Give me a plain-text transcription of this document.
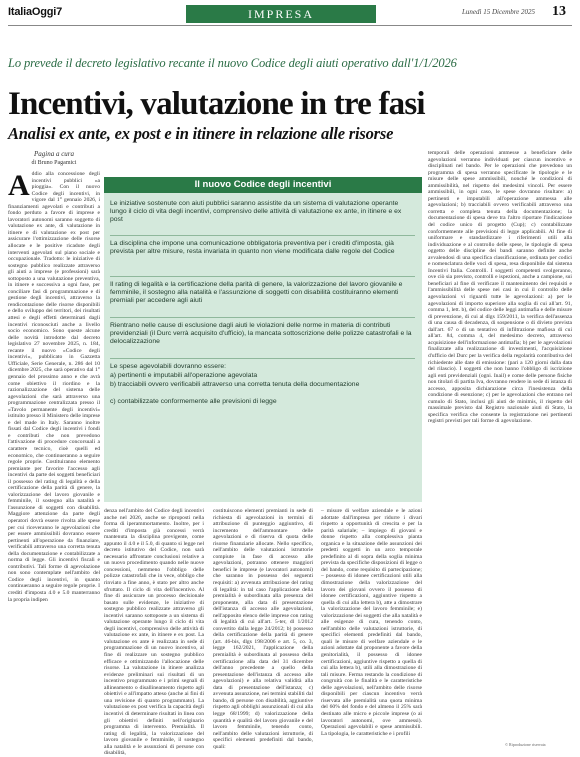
ItaliaOggi7	IMPRESA	Lunedì 15 Dicembre 2025 13
Lo prevede il decreto legislativo recante il nuovo Codice degli aiuti operativo dall'1/1/2026
Incentivi, valutazione in tre fasi
Analisi ex ante, ex post e in itinere in relazione alle risorse
Pagina a cura
di Bruno Pagamici
A ddio alla concessione degli incentivi pubblici «a pioggia». Con il nuovo Codice degli incentivi, in vigore dal 1° gennaio 2026, i finanziamenti agevolati e contributi a fondo perduto a favore di imprese e lavoratori autonomi saranno soggetto di valutazione ex ante, di valutazione in itinere e di valutazione ex post per assicurare l'ottimizzazione delle risorse allocate e le positive ricadute degli interventi agevolati sul piano sociale e occupazionale. Tradotto: le iniziative di sostegno pubblico realizzate attraverso gli aiuti a imprese (e professioni) sarà sottoposto a una valutazione preventiva, in itinere e successiva a ogni fase, per conciliare fasi di programmazione e di gestione degli incentivi, attraverso la rendicontazione delle risorse disponibili e dello sviluppo dei territori, dei risultati attesi e degli effetti determinati dagli incentivi riconosciuti anche a livello socio economico. Sono queste alcune delle novità introdotte dal decreto legislativo 27 novembre 2025, n. 184, recante il nuovo «Codice degli incentivi», pubblicato in Gazzetta Ufficiale, Serie Generale, n. 286 del 10 dicembre 2025, che sarà operativo dal 1° gennaio del prossimo anno e che avrà come obiettivo il riordino e la razionalizzazione del sistema delle agevolazioni che sarà attraverso una programmazione centralizzata presso il «Tavolo permanente degli incentivi» istituito presso il Ministero delle imprese e del made in Italy. Saranno inoltre fissati dal Codice degli incentivi i fondi e contributi che non prevedono l'attivazione di procedure concorsuali a carattere tecnico, cioè quelli ed economico, che continueranno a seguire regole proprie. Costituiranno elemento premiante per favorire l'accesso agli incentivi da parte dei soggetti beneficiari il possesso del rating di legalità e della certificazione della parità di genere, la valorizzazione del lavoro giovanile e femminile, il sostegno alla natalità e l'assunzione di soggetti con disabilità. Maggiore attenzione da parte degli operatori dovrà essere rivolta alle spese per cui riceveranno le agevolazioni che per essere ammissibili dovranno essere pertinenti all'operazione da finanziare, verificabili attraverso una corretta tenuta della documentazione e contabilizzate a norma di legge. Gli incentivi fiscali e contributivi. Tali forme di agevolazione non sono contemplate nell'ambito del Codice degli incentivi, in quanto continueranno a seguire regole proprie. I crediti d'imposta 4.0 e 5.0 manterranno la propria indipen

Il nuovo Codice degli incentivi
Le iniziative sostenute con aiuti pubblici saranno assistite da un sistema di valutazione operante lungo il ciclo di vita degli incentivi, comprensivo delle attività di valutazione ex ante, in itinere e ex post
La disciplina che impone una comunicazione obbligatoria preventiva per i crediti d'imposta, già prevista per altre misure, resta invariata in quanto non viene modificata dalle regole del Codice
Il rating di legalità e la certificazione della parità di genere, la valorizzazione del lavoro giovanile e femminile, il sostegno alla natalità e l'assunzione di soggetti con disabilità costituiranno elementi premiali per accedere agli aiuti
Rientrano nelle cause di esclusione dagli aiuti le violazioni delle norme in materia di contributi previdenziali (il Durc verrà acquisito d'ufficio), la mancata sottoscrizione delle polizze catastrofali e la delocalizzazione
Le spese agevolabili dovranno essere:
a) pertinenti e imputabili all'operazione agevolata
b) tracciabili ovvero verificabili attraverso una corretta tenuta della documentazione
c) contabilizzate conformemente alle previsioni di legge

denza nell'ambito del Codice degli incentivi anche nel 2026, anche se riproposti nella forma di iperammortamento. Inoltre, per i crediti d'imposta già concessi verrà mantenuta la disciplina previgente, come appunto il 4.0 e il 5.0, di quanto si legge nel decreto istitutivo del Codice, non sarà necessario affrontare conclusioni relative a un nuovo procedimento quando nelle nuove concessioni, nemmeno l'obbligo delle polizze catastrofali che in vece, obbligo che rinviato a fine anno, è stato per altro anche sfruttato. Il ciclo di vita dell'incentivo. Al fine di assicurare un processo decisionale basato sulle evidenze, le iniziative di sostegno pubblico realizzate attraverso gli incentivi saranno sottoposte a un sistema di valutazione operante lungo il ciclo di vita degli incentivi, comprensivo delle attività di valutazione ex ante, in itinere e ex post. La valutazione ex ante è realizzata in sede di programmazione di un nuovo incentivo, al fine di realizzare un sostegno pubblico efficace e ottimizzando l'allocazione delle risorse. La valutazione in itinere analizza evidenze preliminari sui risultati di un incentivo programmato e i primi segnali di allineamento o disallineamento rispetto agli obiettivi e all'impatto atteso (anche ai fini di una revisione di quanto programmato). La valutazione ex post verifica la capacità degli incentivi di determinare risultati in linea con gli obiettivi definiti nell'originario programma di intervento. Premialità. Il rating di legalità, la valorizzazione del lavoro giovanile e femminile, il sostegno alla natalità e le assunzioni di persone con disabilità,

costituiscono elementi premianti in sede di richiesta di agevolazioni in termini di attribuzione di punteggio aggiuntivo, di incremento dell'ammontare delle agevolazioni e di riserva di quota delle risorse finanziarie allocate. Nello specifico, nell'ambito delle valutazioni istruttorie compiute in fase di accesso alle agevolazioni, potranno ottenere maggiori benefici le imprese (e lavoratori autonomi) che saranno in possesso dei seguenti requisiti: a) avvenuta attribuzione del rating di legalità: in tal caso l'applicazione della premialità è subordinata alla presenza del proponente, alla data di presentazione dell'istanza di accesso alle agevolazioni, nell'apposito elenco delle imprese con rating di legalità di cui all'art. 5-ter, dl 1/2012 convertito dalla legge 24/2012; b) possesso della certificazione della parità di genere (art. 46-bis, dlgs 198/2006 e art. 5, co. 3, legge 162/2021, l'applicazione della premialità è subordinata al possesso della certificazione alla data del 31 dicembre dell'anno precedente a quello della presentazione dell'istanza di accesso alle agevolazioni) e alla relativa validità alla data di presentazione dell'istanza; c) avvenuta assunzione, nei termini stabiliti dal bando, di persone con disabilità, aggiuntive rispetto agli obblighi assunzionali di cui alla legge 68/1999; d) valorizzazione della quantità e qualità del lavoro giovanile e del lavoro femminile, tenendo conto, nell'ambito delle valutazioni istruttorie, di specifici elementi predefiniti dal bando, quali:

– misure di welfare aziendale e le azioni adottate dall'impresa per ridurre i divari rispetto a opportunità di crescita e per la parità salariale; – impiego di giovani e donne rispetto alla complessiva pianta organica e la situazione delle assunzioni dei predetti soggetti in un arco temporale predefinito al di sopra della soglia minima prevista da specifiche disposizioni di legge o del bando, come requisito di partecipazione; – possesso di idonee certificazioni utili alla dimostrazione della valorizzazione del lavoro dei giovani ovvero il possesso di idonee certificazioni, aggiuntive rispetto a quella di cui alla lettera b), atte a dimostrare la valorizzazione del lavoro femminile; e) valorizzazione dei soggetti che alla natalità e alle esigenze di cura, tenendo conto, nell'ambito delle valutazioni istruttorie, di specifici elementi predefiniti dal bando, quali le misure di welfare aziendale e le azioni adottate dal proponente a favore della genitorialità, il possesso di idonee certificazioni, aggiuntive rispetto a quella di cui alla lettera b), utili alla dimostrazione di tali misure. Ferma restando la condizione di congruità con le finalità e le caratteristiche delle agevolazioni, nell'ambito delle risorse disponibili per ciascun incentivo verrà riservata alle premialità una quota minima del 60% del fondo e del almeno il 25% sarà destinato alle micro e piccole imprese (o ai lavoratori autonomi, ove ammessi). Operazioni agevolabili e spese ammissibili. La tipologia, le caratteristiche e i profili

temporali delle operazioni ammesse a beneficiare delle agevolazioni verranno individuati per ciascun incentivo e disciplinati nel bando. Per le operazioni che prevedono un programma di spesa verranno specificate le tipologie e le misure delle spese ammissibili, nonché le condizioni di ammissibilità, nel rispetto dei medesimi vincoli. Per essere ammissibili, in ogni caso, le spese dovranno risultare: a) pertinenti e imputabili all'operazione ammessa alle agevolazioni; b) tracciabili ovvero verificabili attraverso una corretta e completa tenuta della documentazione; la documentazione di spesa deve tra l'altro riportare l'indicazione del codice unico di progetto (Cup); c) contabilizzate conformemente alle previsioni di legge applicabili. Al fine di uniformare e standardizzare i riferimenti utili alla individuazione e al controllo delle spese, le tipologie di spesa oggetto delle discipline dei bandi saranno definite anche avvalendosi di una specifica classificazione, ordinata per codici e nomenclatura delle voci di spesa, resa disponibile dal sistema Incentivi Italia. Controlli. I soggetti competenti svolgeranno, ove ciò sia previsto, controlli e ispezioni, anche a campione, sui beneficiari al fine di verificare il mantenimento dei requisiti e l'ammissibilità delle spese nei casi in cui il controllo delle agevolazioni vi riguardi tutte le agevolazioni: a) per le agevolazioni di importo superiore alla soglia di cui all'art. 91, comma 1, lett. b), del codice delle leggi antimafia e delle misure di prevenzione, di cui al dlgs 159/2011, la verifica dell'assenza di una causa di decadenza, di sospensione o di divieto prevista dall'art. 67 o di un tentativo di infiltrazione mafiosa di cui all'art. 84, comma 4, del medesimo decreto, attraverso acquisizione dell'informazione antimafia; b) per le agevolazioni finalizzate alla realizzazione di investimenti, l'acquisizione d'ufficio del Durc per la verifica della regolarità contributiva del richiedente alle date di emissione: (pari a 120 giorni dalla data del rilascio). I soggetti che non hanno l'obbligo di iscrizione agli enti previdenziali (ogni. Inail) e come delle persone fisiche non titolari di partita Iva, dovranno rendere in sede di istanza di accesso, apposita dichiarazione circa l'inesistenza della condizione di esenzione; c) per le agevolazioni che entrano nel cumulo di Stato, inclusi gli aiuti de minimis, il rispetto del massimale previsto dal Registro nazionale aiuti di Stato, la specifica verifica che consente la registrazione nei pertinenti registri previsti per tali forme di agevolazione.

© Riproduzione riservata
